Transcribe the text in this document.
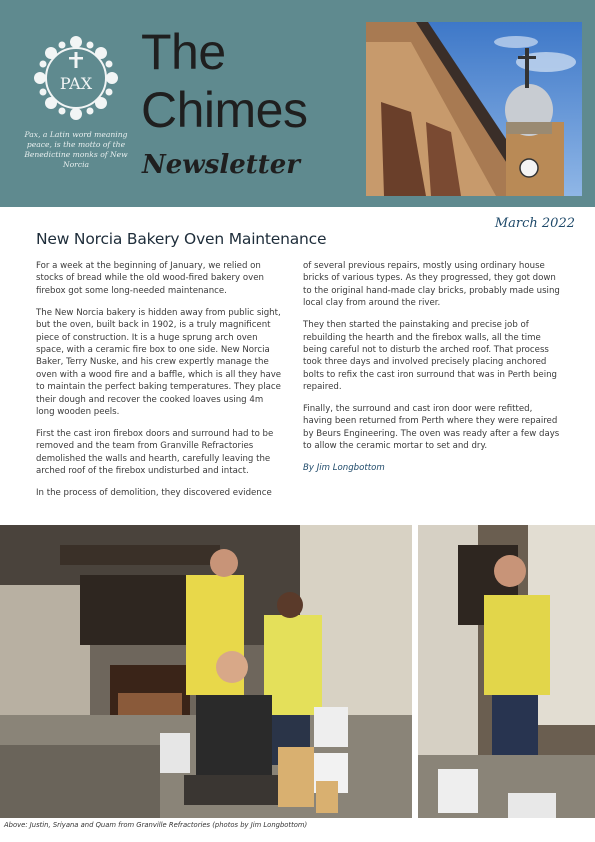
PAX
Pax, a Latin word meaning peace, is the motto of the Benedictine monks of New Norcia
The
Chimes
Newsletter
March 2022
New Norcia Bakery Oven Maintenance

For a week at the beginning of January, we relied on stocks of bread while the old wood-fired bakery oven firebox got some long-needed maintenance.

The New Norcia bakery is hidden away from public sight, but the oven, built back in 1902, is a truly magnificent piece of construction. It is a huge sprung arch oven space, with a ceramic fire box to one side. New Norcia Baker, Terry Nuske, and his crew expertly manage the oven with a wood fire and a baffle, which is all they have to maintain the perfect baking temperatures. They place their dough and recover the cooked loaves using 4m long wooden peels.

First the cast iron firebox doors and surround had to be removed and the team from Granville Refractories demolished the walls and hearth, carefully leaving the arched roof of the firebox undisturbed and intact.

In the process of demolition, they discovered evidence

of several previous repairs, mostly using ordinary house bricks of various types. As they progressed, they got down to the original hand-made clay bricks, probably made using local clay from around the river.

They then started the painstaking and precise job of rebuilding the hearth and the firebox walls, all the time being careful not to disturb the arched roof. That process took three days and involved precisely placing anchored bolts to refix the cast iron surround that was in Perth being repaired.

Finally, the surround and cast iron door were refitted, having been returned from Perth where they were repaired by Beurs Engineering. The oven was ready after a few days to allow the ceramic mortar to set and dry.

By Jim Longbottom

Above: Justin, Sriyana and Quam from Granville Refractories (photos by Jim Longbottom)
